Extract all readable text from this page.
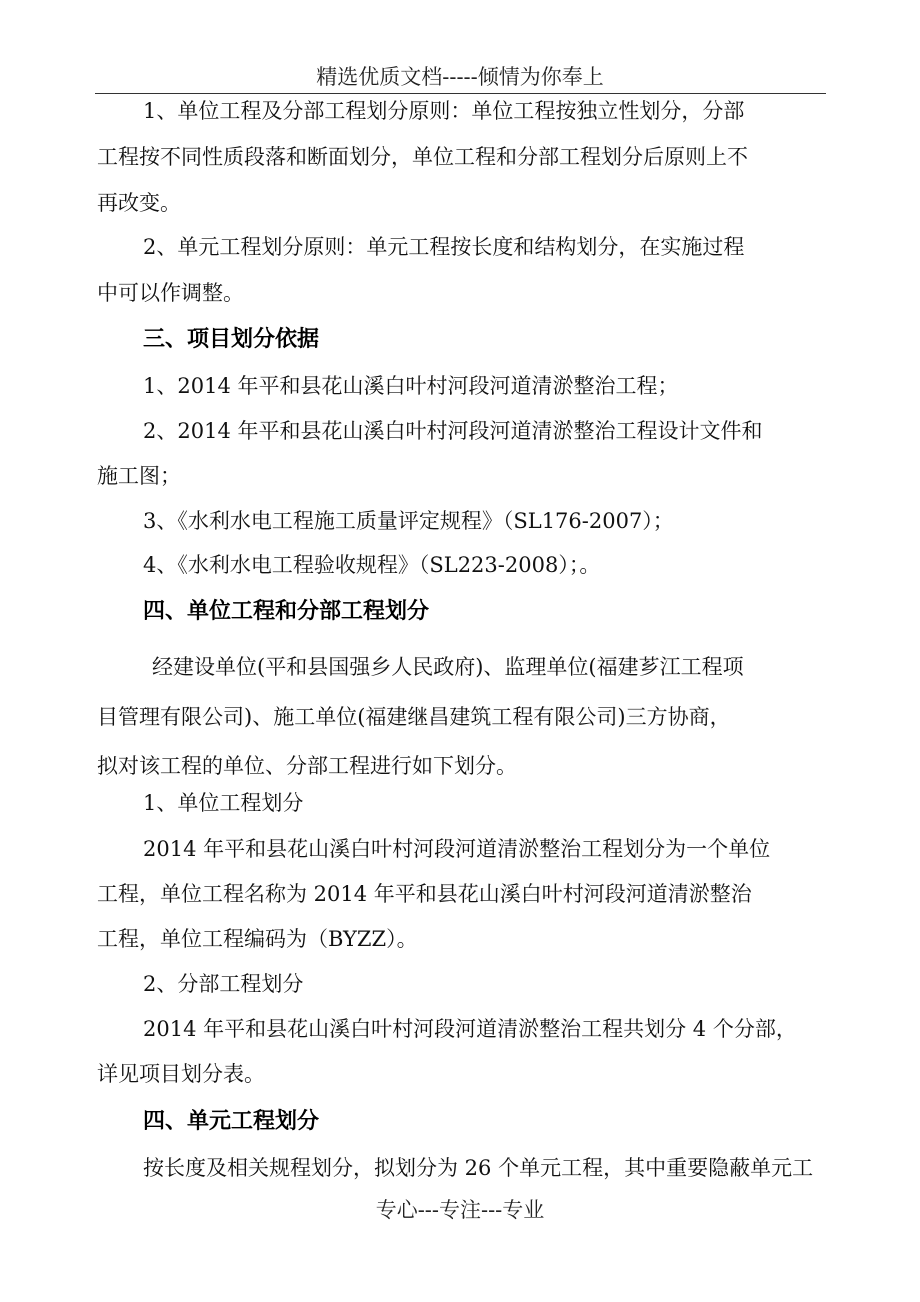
精选优质文档-----倾情为你奉上
1、单位工程及分部工程划分原则：单位工程按独立性划分，分部
工程按不同性质段落和断面划分，单位工程和分部工程划分后原则上不
再改变。
2、单元工程划分原则：单元工程按长度和结构划分，在实施过程
中可以作调整。
三、项目划分依据
1、2014 年平和县花山溪白叶村河段河道清淤整治工程；
2、2014 年平和县花山溪白叶村河段河道清淤整治工程设计文件和
施工图；
3、《水利水电工程施工质量评定规程》（SL176-2007）；
4、《水利水电工程验收规程》（SL223-2008）；。
四、单位工程和分部工程划分
经建设单位(平和县国强乡人民政府)、监理单位(福建芗江工程项
目管理有限公司)、施工单位(福建继昌建筑工程有限公司)三方协商，
拟对该工程的单位、分部工程进行如下划分。
1、单位工程划分
2014 年平和县花山溪白叶村河段河道清淤整治工程划分为一个单位
工程，单位工程名称为 2014 年平和县花山溪白叶村河段河道清淤整治
工程，单位工程编码为（BYZZ）。
2、分部工程划分
2014 年平和县花山溪白叶村河段河道清淤整治工程共划分 4 个分部，
详见项目划分表。
四、单元工程划分
按长度及相关规程划分，拟划分为 26 个单元工程，其中重要隐蔽单元工
专心---专注---专业
